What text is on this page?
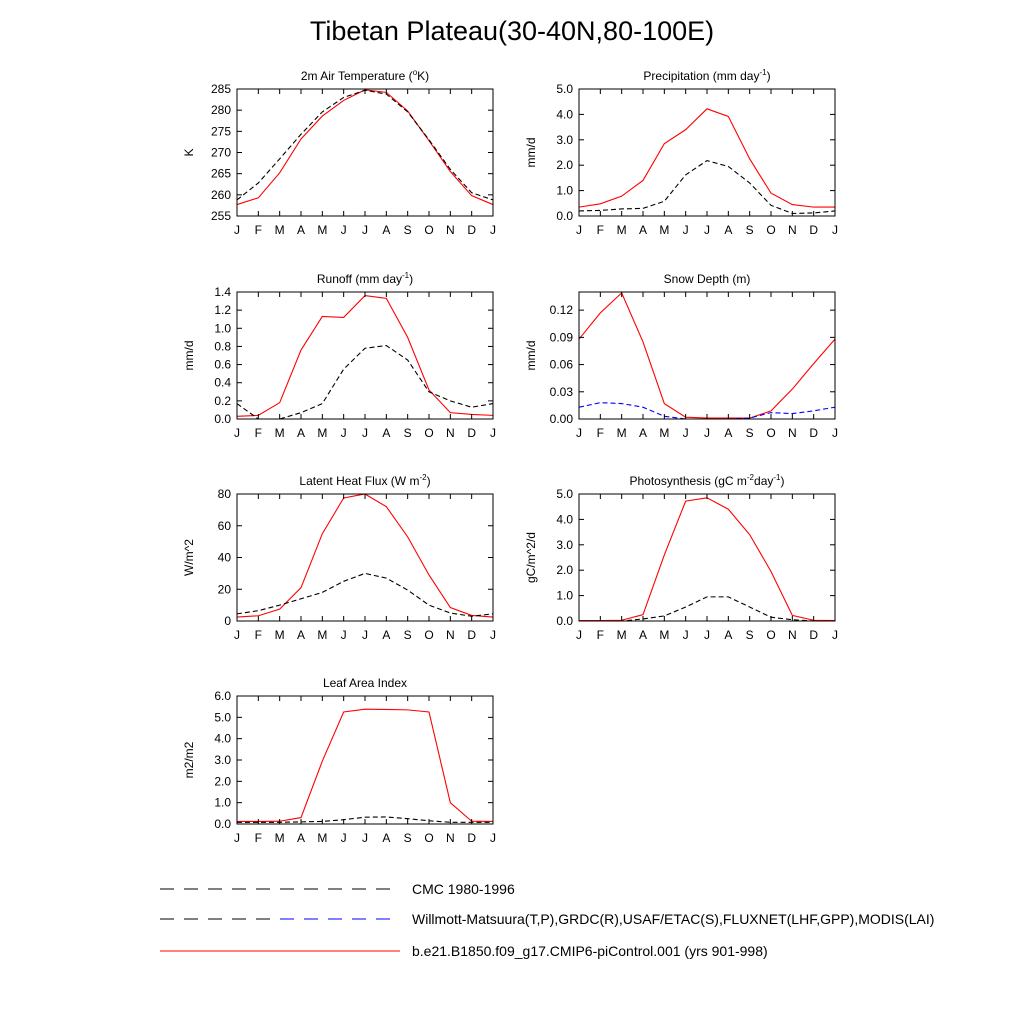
Tibetan Plateau(30-40N,80-100E)
J F M A M J J A S O N D J
255
260
265
270
275
280
285
K
2m Air Temperature ($^o$K)
J F M A M J J A S O N D J
0.0
1.0
2.0
3.0
4.0
5.0
mm/d
Precipitation (mm day$^{-1}$)
J F M A M J J A S O N D J
0.0
0.2
0.4
0.6
0.8
1.0
1.2
1.4
mm/d
Runoff (mm day$^{-1}$)
J F M A M J J A S O N D J
0.00
0.03
0.06
0.09
0.12
mm/d
Snow Depth (m)
J F M A M J J A S O N D J
0
20
40
60
80
W/m^2
Latent Heat Flux (W $m^{-2}$)
J F M A M J J A S O N D J
0.0
1.0
2.0
3.0
4.0
5.0
gC/m^2/d
Photosynthesis (gC $m^{-2}day^{-1}$)
J F M A M J J A S O N D J
0.0
1.0
2.0
3.0
4.0
5.0
6.0
m2/m2
Leaf Area Index
CMC 1980-1996
Willmott-Matsuura(T,P),GRDC(R),USAF/ETAC(S),FLUXNET(LHF,GPP),MODIS(LAI)
b.e21.B1850.f09_g17.CMIP6-piControl.001 (yrs 901-998)
